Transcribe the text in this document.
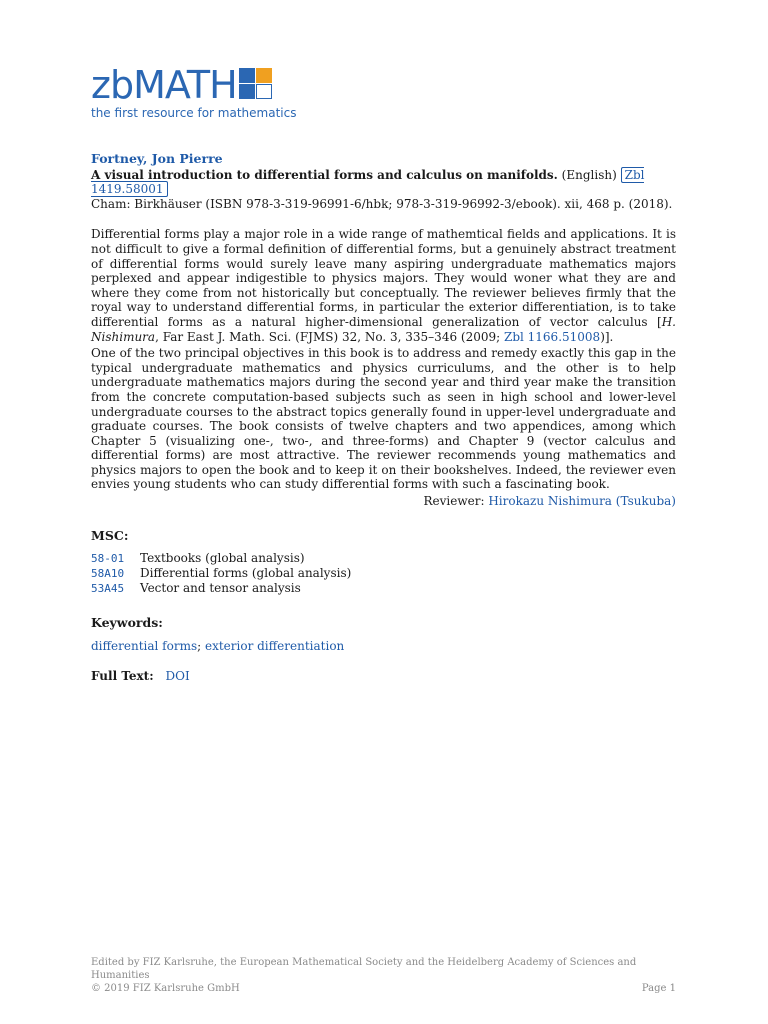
zbMATH
the first resource for mathematics
Fortney, Jon Pierre
A visual introduction to differential forms and calculus on manifolds. (English) Zbl 1419.58001
Cham: Birkhäuser (ISBN 978-3-319-96991-6/hbk; 978-3-319-96992-3/ebook). xii, 468 p. (2018).

Differential forms play a major role in a wide range of mathemtical fields and applications. It is not difficult to give a formal definition of differential forms, but a genuinely abstract treatment of differential forms would surely leave many aspiring undergraduate mathematics majors perplexed and appear indigestible to physics majors. They would woner what they are and where they come from not historically but conceptually. The reviewer believes firmly that the royal way to understand differential forms, in particular the exterior differentiation, is to take differential forms as a natural higher-dimensional generalization of vector calculus [H. Nishimura, Far East J. Math. Sci. (FJMS) 32, No. 3, 335–346 (2009; Zbl 1166.51008)].

One of the two principal objectives in this book is to address and remedy exactly this gap in the typical undergraduate mathematics and physics curriculums, and the other is to help undergraduate mathematics majors during the second year and third year make the transition from the concrete computation-based subjects such as seen in high school and lower-level undergraduate courses to the abstract topics generally found in upper-level undergraduate and graduate courses. The book consists of twelve chapters and two appendices, among which Chapter 5 (visualizing one-, two-, and three-forms) and Chapter 9 (vector calculus and differential forms) are most attractive. The reviewer recommends young mathematics and physics majors to open the book and to keep it on their bookshelves. Indeed, the reviewer even envies young students who can study differential forms with such a fascinating book.

Reviewer: Hirokazu Nishimura (Tsukuba)
MSC:
58-01	Textbooks (global analysis)
58A10	Differential forms (global analysis)
53A45	Vector and tensor analysis
Keywords:
differential forms; exterior differentiation
Full Text: DOI
Edited by FIZ Karlsruhe, the European Mathematical Society and the Heidelberg Academy of Sciences and Humanities
© 2019 FIZ Karlsruhe GmbH	Page 1
